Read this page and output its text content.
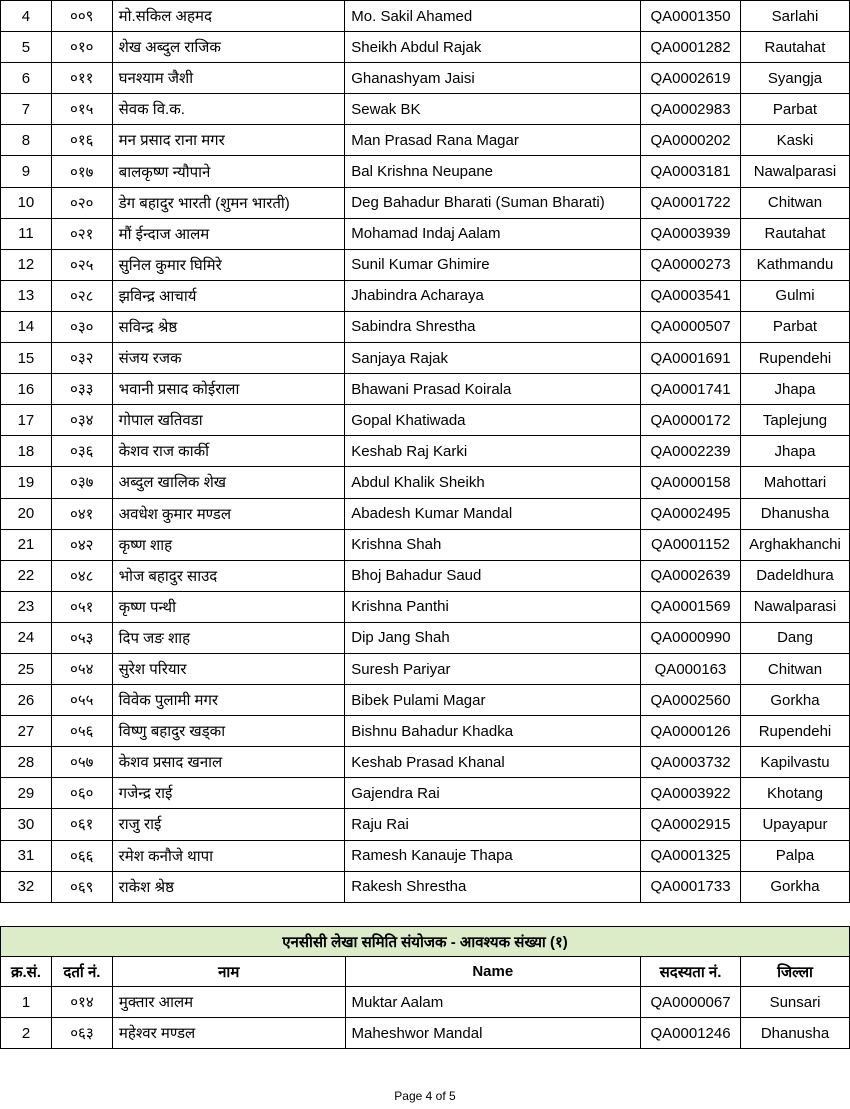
4	००९	मो.सकिल अहमद	Mo. Sakil Ahamed	QA0001350	Sarlahi
5	०१०	शेख अब्दुल राजिक	Sheikh Abdul Rajak	QA0001282	Rautahat
6	०११	घनश्याम जैशी	Ghanashyam Jaisi	QA0002619	Syangja
7	०१५	सेवक वि.क.	Sewak BK	QA0002983	Parbat
8	०१६	मन प्रसाद राना मगर	Man Prasad Rana Magar	QA0000202	Kaski
9	०१७	बालकृष्ण न्यौपाने	Bal Krishna Neupane	QA0003181	Nawalparasi
10	०२०	डेग बहादुर भारती (शुमन भारती)	Deg Bahadur Bharati (Suman Bharati)	QA0001722	Chitwan
11	०२१	मौं ईन्दाज आलम	Mohamad Indaj Aalam	QA0003939	Rautahat
12	०२५	सुनिल कुमार घिमिरे	Sunil Kumar Ghimire	QA0000273	Kathmandu
13	०२८	झविन्द्र आचार्य	Jhabindra Acharaya	QA0003541	Gulmi
14	०३०	सविन्द्र श्रेष्ठ	Sabindra Shrestha	QA0000507	Parbat
15	०३२	संजय रजक	Sanjaya Rajak	QA0001691	Rupendehi
16	०३३	भवानी प्रसाद कोईराला	Bhawani Prasad Koirala	QA0001741	Jhapa
17	०३४	गोपाल खतिवडा	Gopal Khatiwada	QA0000172	Taplejung
18	०३६	केशव राज कार्की	Keshab Raj Karki	QA0002239	Jhapa
19	०३७	अब्दुल खालिक शेख	Abdul Khalik Sheikh	QA0000158	Mahottari
20	०४१	अवधेश कुमार मण्डल	Abadesh Kumar Mandal	QA0002495	Dhanusha
21	०४२	कृष्ण शाह	Krishna Shah	QA0001152	Arghakhanchi
22	०४८	भोज बहादुर साउद	Bhoj Bahadur Saud	QA0002639	Dadeldhura
23	०५१	कृष्ण पन्थी	Krishna Panthi	QA0001569	Nawalparasi
24	०५३	दिप जङ शाह	Dip Jang Shah	QA0000990	Dang
25	०५४	सुरेश परियार	Suresh Pariyar	QA000163	Chitwan
26	०५५	विवेक पुलामी मगर	Bibek Pulami Magar	QA0002560	Gorkha
27	०५६	विष्णु बहादुर खड्का	Bishnu Bahadur Khadka	QA0000126	Rupendehi
28	०५७	केशव प्रसाद खनाल	Keshab Prasad Khanal	QA0003732	Kapilvastu
29	०६०	गजेन्द्र राई	Gajendra Rai	QA0003922	Khotang
30	०६१	राजु राई	Raju Rai	QA0002915	Upayapur
31	०६६	रमेश कनौजे थापा	Ramesh Kanauje Thapa	QA0001325	Palpa
32	०६९	राकेश श्रेष्ठ	Rakesh Shrestha	QA0001733	Gorkha
एनसीसी लेखा समिति संयोजक - आवश्यक संख्या (१)					
क्र.सं.	दर्ता नं.	नाम	Name	सदस्यता नं.	जिल्ला
1	०१४	मुक्तार आलम	Muktar Aalam	QA0000067	Sunsari
2	०६३	महेश्वर मण्डल	Maheshwor Mandal	QA0001246	Dhanusha
Page 4 of 5
